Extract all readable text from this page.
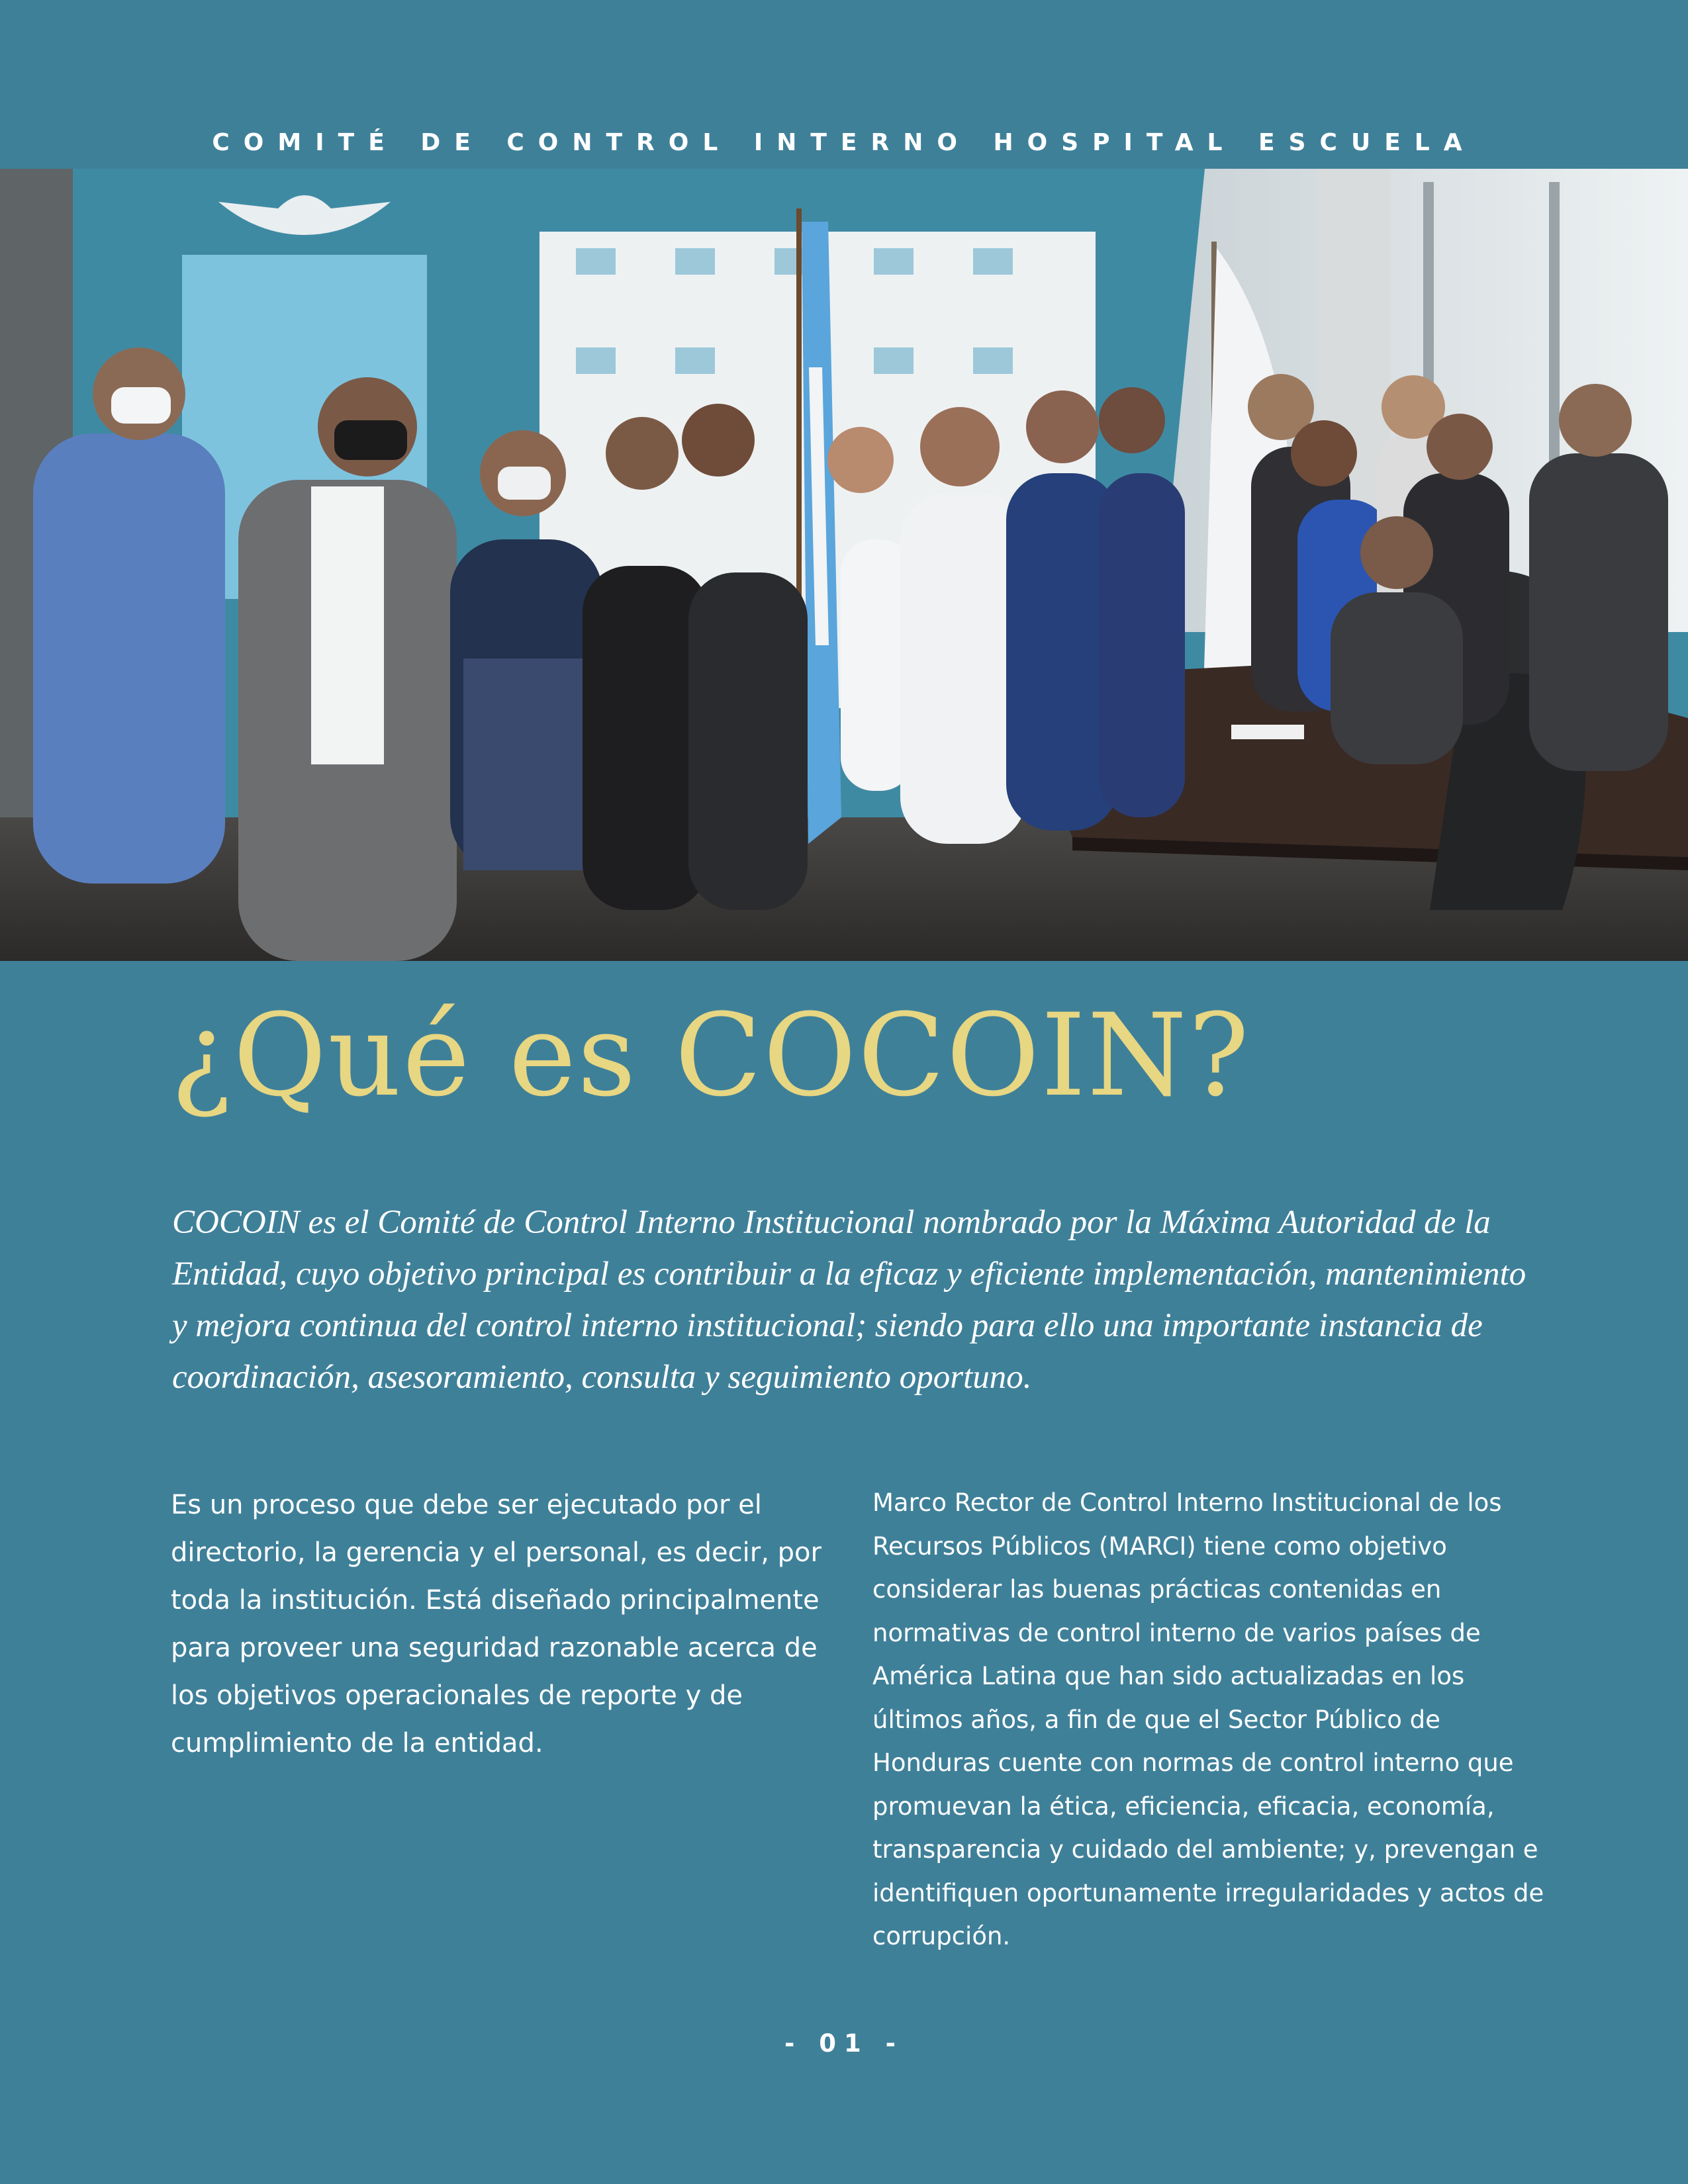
COMITÉ DE CONTROL INTERNO HOSPITAL ESCUELA
¿Qué es COCOIN?
COCOIN es el Comité de Control Interno Institucional nombrado por la Máxima Autoridad de la Entidad, cuyo objetivo principal es contribuir a la eficaz y eficiente implementación, mantenimiento y mejora continua del control interno institucional; siendo para ello una importante instancia de coordinación, asesoramiento, consulta y seguimiento oportuno.
Es un proceso que debe ser ejecutado por el directorio, la gerencia y el personal, es decir, por toda la institución. Está diseñado principalmente para proveer una seguridad razonable acerca de los objetivos operacionales de reporte y de cumplimiento de la entidad.
Marco Rector de Control Interno Institucional de los Recursos Públicos (MARCI) tiene como objetivo considerar las buenas prácticas contenidas en normativas de control interno de varios países de América Latina que han sido actualizadas en los últimos años, a fin de que el Sector Público de Honduras cuente con normas de control interno que promuevan la ética, eficiencia, eficacia, economía, transparencia y cuidado del ambiente; y, prevengan e identifiquen oportunamente irregularidades y actos de corrupción.
- 01 -
